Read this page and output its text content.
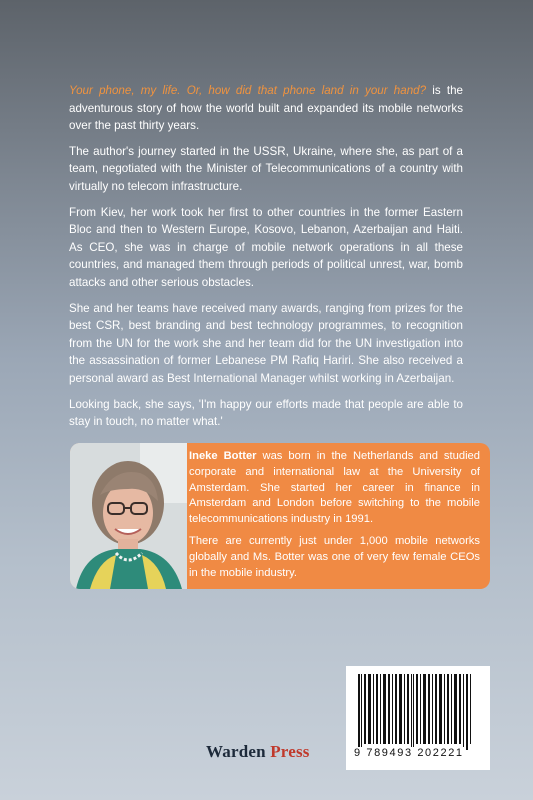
Your phone, my life. Or, how did that phone land in your hand? is the adventurous story of how the world built and expanded its mobile networks over the past thirty years.

The author's journey started in the USSR, Ukraine, where she, as part of a team, negotiated with the Minister of Telecommunications of a country with virtually no telecom infrastructure.

From Kiev, her work took her first to other countries in the former Eastern Bloc and then to Western Europe, Kosovo, Lebanon, Azerbaijan and Haiti. As CEO, she was in charge of mobile network operations in all these countries, and managed them through periods of political unrest, war, bomb attacks and other serious obstacles.

She and her teams have received many awards, ranging from prizes for the best CSR, best branding and best technology programmes, to recognition from the UN for the work she and her team did for the UN investigation into the assassination of former Lebanese PM Rafiq Hariri. She also received a personal award as Best International Manager whilst working in Azerbaijan.

Looking back, she says, 'I'm happy our efforts made that people are able to stay in touch, no matter what.'

Ineke Botter was born in the Netherlands and studied corporate and international law at the University of Amsterdam. She started her career in finance in Amsterdam and London before switching to the mobile telecommunications industry in 1991.

There are currently just under 1,000 mobile networks globally and Ms. Botter was one of very few female CEOs in the mobile industry.

Warden Press	9 789493 202221
